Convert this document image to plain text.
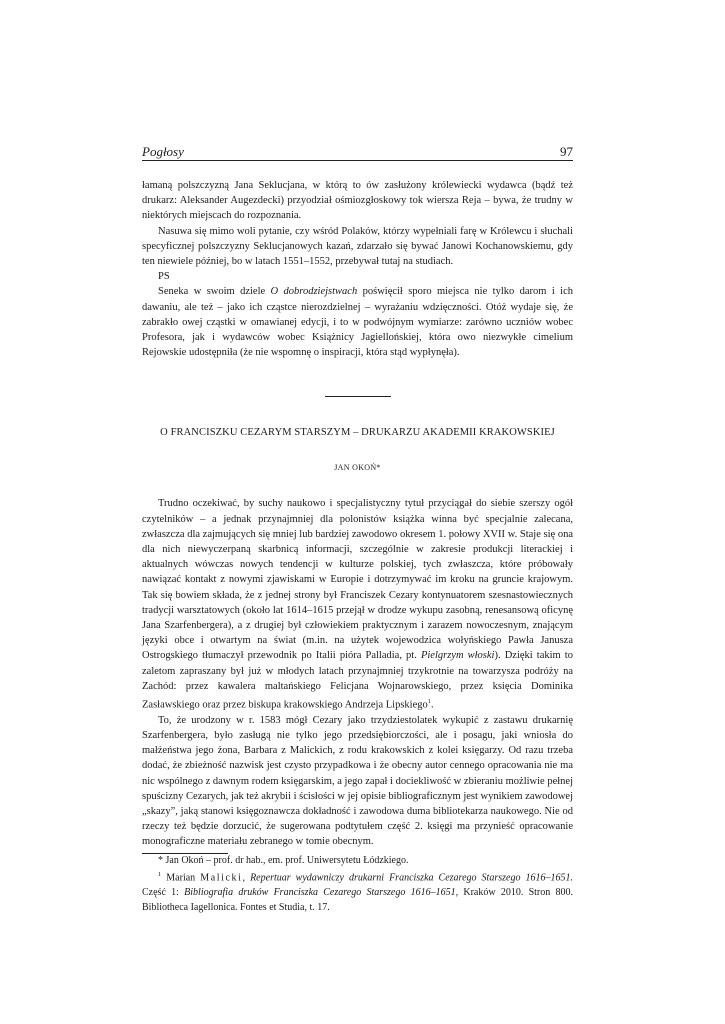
Pogłosy	97

łamaną polszczyzną Jana Seklucjana, w którą to ów zasłużony królewiecki wydawca (bądź też drukarz: Aleksander Augezdecki) przyodział ośmiozgłoskowy tok wiersza Reja – bywa, że trudny w niektórych miejscach do rozpoznania.

Nasuwa się mimo woli pytanie, czy wśród Polaków, którzy wypełniali farę w Królewcu i słuchali specyficznej polszczyzny Seklucjanowych kazań, zdarzało się bywać Janowi Kochanowskiemu, gdy ten niewiele później, bo w latach 1551–1552, przebywał tutaj na studiach.

PS

Seneka w swoim dziele O dobrodziejstwach poświęcił sporo miejsca nie tylko darom i ich dawaniu, ale też – jako ich cząstce nierozdzielnej – wyrażaniu wdzięczności. Otóż wydaje się, że zabrakło owej cząstki w omawianej edycji, i to w podwójnym wymiarze: zarówno uczniów wobec Profesora, jak i wydawców wobec Książnicy Jagiellońskiej, która owo niezwykłe cimelium Rejowskie udostępniła (że nie wspomnę o inspiracji, która stąd wypłynęła).

O FRANCISZKU CEZARYM STARSZYM – DRUKARZU AKADEMII KRAKOWSKIEJ
JAN OKOŃ*

Trudno oczekiwać, by suchy naukowo i specjalistyczny tytuł przyciągał do siebie szerszy ogół czytelników – a jednak przynajmniej dla polonistów książka winna być specjalnie zalecana, zwłaszcza dla zajmujących się mniej lub bardziej zawodowo okresem 1. połowy XVII w. Staje się ona dla nich niewyczerpaną skarbnicą informacji, szczególnie w zakresie produkcji literackiej i aktualnych wówczas nowych tendencji w kulturze polskiej, tych zwłaszcza, które próbowały nawiązać kontakt z nowymi zjawiskami w Europie i dotrzymywać im kroku na gruncie krajowym. Tak się bowiem składa, że z jednej strony był Franciszek Cezary kontynuatorem szesnastowiecznych tradycji warsztatowych (około lat 1614–1615 przejął w drodze wykupu zasobną, renesansową oficynę Jana Szarfenbergera), a z drugiej był człowiekiem praktycznym i zarazem nowoczesnym, znającym języki obce i otwartym na świat (m.in. na użytek wojewodzica wołyńskiego Pawła Janusza Ostrogskiego tłumaczył przewodnik po Italii pióra Palladia, pt. Pielgrzym włoski). Dzięki takim to zaletom zapraszany był już w młodych latach przynajmniej trzykrotnie na towarzysza podróży na Zachód: przez kawalera maltańskiego Felicjana Wojnarowskiego, przez księcia Dominika Zasławskiego oraz przez biskupa krakowskiego Andrzeja Lipskiego$^1$.

To, że urodzony w r. 1583 mógł Cezary jako trzydziestolatek wykupić z zastawu drukarnię Szarfenbergera, było zasługą nie tylko jego przedsiębiorczości, ale i posagu, jaki wniosła do małżeństwa jego żona, Barbara z Malickich, z rodu krakowskich z kolei księgarzy. Od razu trzeba dodać, że zbieżność nazwisk jest czysto przypadkowa i że obecny autor cennego opracowania nie ma nic wspólnego z dawnym rodem księgarskim, a jego zapał i dociekliwość w zbieraniu możliwie pełnej spuścizny Cezarych, jak też akrybii i ścisłości w jej opisie bibliograficznym jest wynikiem zawodowej „skazy”, jaką stanowi księgoznawcza dokładność i zawodowa duma bibliotekarza naukowego. Nie od rzeczy też będzie dorzucić, że sugerowana podtytułem część 2. księgi ma przynieść opracowanie monograficzne materiału zebranego w tomie obecnym.

* Jan Okoń – prof. dr hab., em. prof. Uniwersytetu Łódzkiego.

$^1$ Marian Malicki, Repertuar wydawniczy drukarni Franciszka Cezarego Starszego 1616–1651. Część 1: Bibliografia druków Franciszka Cezarego Starszego 1616–1651, Kraków 2010. Stron 800. Bibliotheca Iagellonica. Fontes et Studia, t. 17.
